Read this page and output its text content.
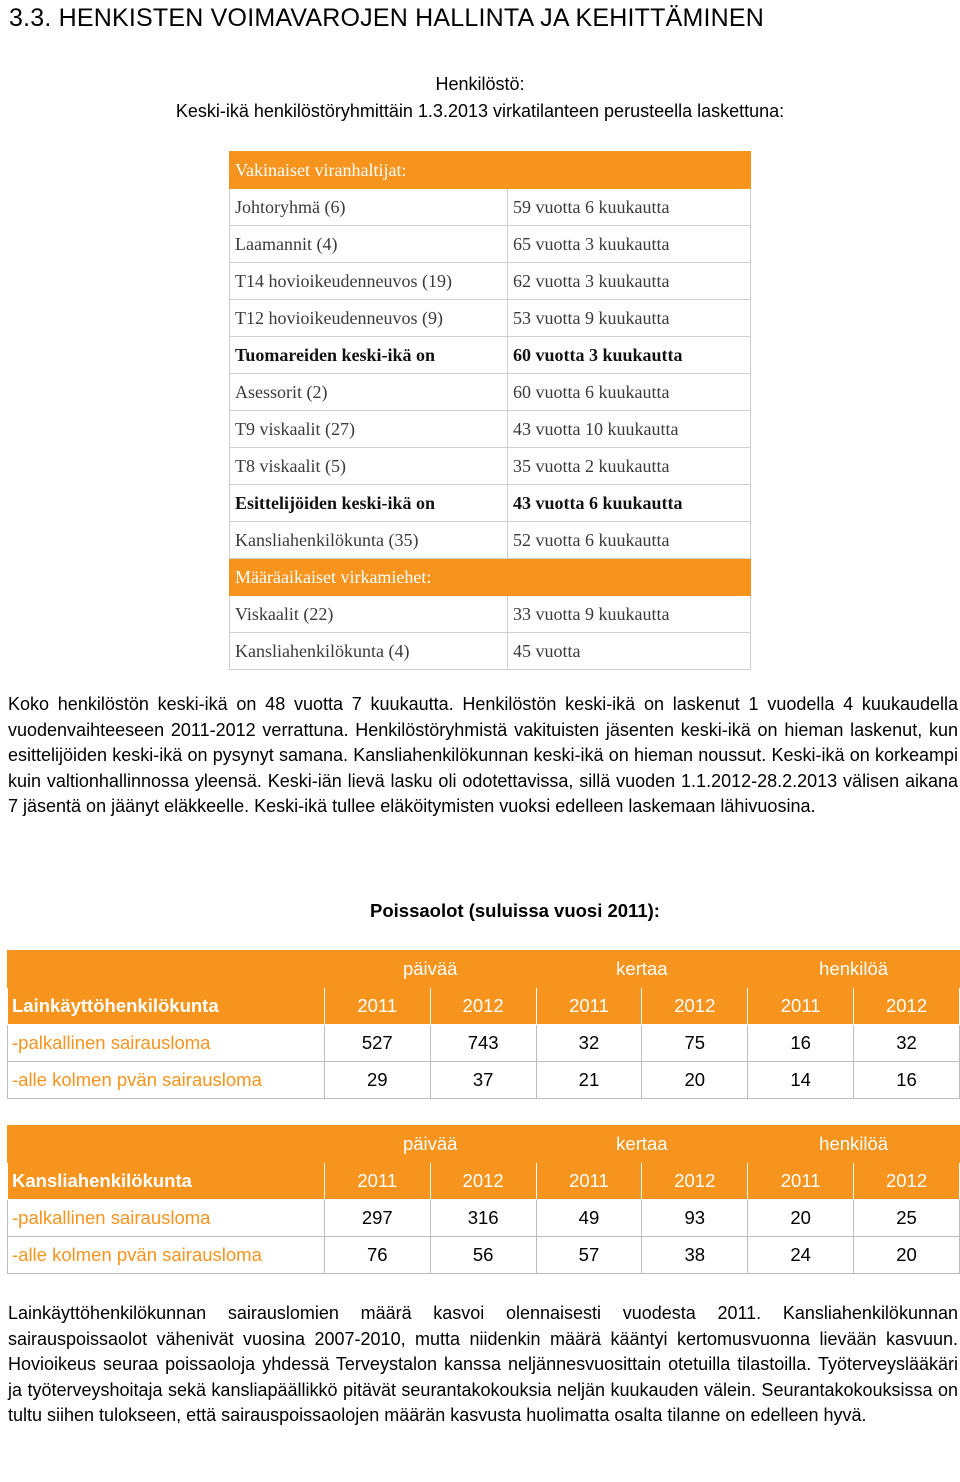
3.3. HENKISTEN VOIMAVAROJEN HALLINTA JA KEHITTÄMINEN
Henkilöstö:
Keski-ikä henkilöstöryhmittäin 1.3.2013 virkatilanteen perusteella laskettuna:
Vakinaiset viranhaltijat:	
Johtoryhmä (6)	59 vuotta 6 kuukautta
Laamannit (4)	65 vuotta 3 kuukautta
T14 hovioikeudenneuvos (19)	62 vuotta 3 kuukautta
T12 hovioikeudenneuvos (9)	53 vuotta 9 kuukautta
Tuomareiden keski-ikä on	60 vuotta 3 kuukautta
Asessorit (2)	60 vuotta 6 kuukautta
T9 viskaalit (27)	43 vuotta 10 kuukautta
T8 viskaalit (5)	35 vuotta 2 kuukautta
Esittelijöiden keski-ikä on	43 vuotta 6 kuukautta
Kansliahenkilökunta (35)	52 vuotta 6 kuukautta
Määräaikaiset virkamiehet:	
Viskaalit (22)	33 vuotta 9 kuukautta
Kansliahenkilökunta (4)	45 vuotta
Koko henkilöstön keski-ikä on 48 vuotta 7 kuukautta. Henkilöstön keski-ikä on laskenut 1 vuodella 4 kuukaudella vuodenvaihteeseen 2011-2012 verrattuna. Henkilöstöryhmistä vakituisten jäsenten keski-ikä on hieman laskenut, kun esittelijöiden keski-ikä on pysynyt samana. Kansliahenkilökunnan keski-ikä on hieman noussut. Keski-ikä on korkeampi kuin valtionhallinnossa yleensä. Keski-iän lievä lasku oli odotettavissa, sillä vuoden 1.1.2012-28.2.2013 välisen aikana 7 jäsentä on jäänyt eläkkeelle. Keski-ikä tullee eläköitymisten vuoksi edelleen laskemaan lähivuosina.
Poissaolot (suluissa vuosi 2011):
	päivää		kertaa		henkilöä	
Lainkäyttöhenkilökunta	2011	2012	2011	2012	2011	2012
-palkallinen sairausloma	527	743	32	75	16	32
-alle kolmen pvän sairausloma	29	37	21	20	14	16
	päivää		kertaa		henkilöä	
Kansliahenkilökunta	2011	2012	2011	2012	2011	2012
-palkallinen sairausloma	297	316	49	93	20	25
-alle kolmen pvän sairausloma	76	56	57	38	24	20
Lainkäyttöhenkilökunnan sairauslomien määrä kasvoi olennaisesti vuodesta 2011. Kansliahenkilökunnan sairauspoissaolot vähenivät vuosina 2007-2010, mutta niidenkin määrä kääntyi kertomusvuonna lievään kasvuun. Hovioikeus seuraa poissaoloja yhdessä Terveystalon kanssa neljännesvuosittain otetuilla tilastoilla. Työterveyslääkäri ja työterveyshoitaja sekä kansliapäällikkö pitävät seurantakokouksia neljän kuukauden välein. Seurantakokouksissa on tultu siihen tulokseen, että sairauspoissaolojen määrän kasvusta huolimatta osalta tilanne on edelleen hyvä.
